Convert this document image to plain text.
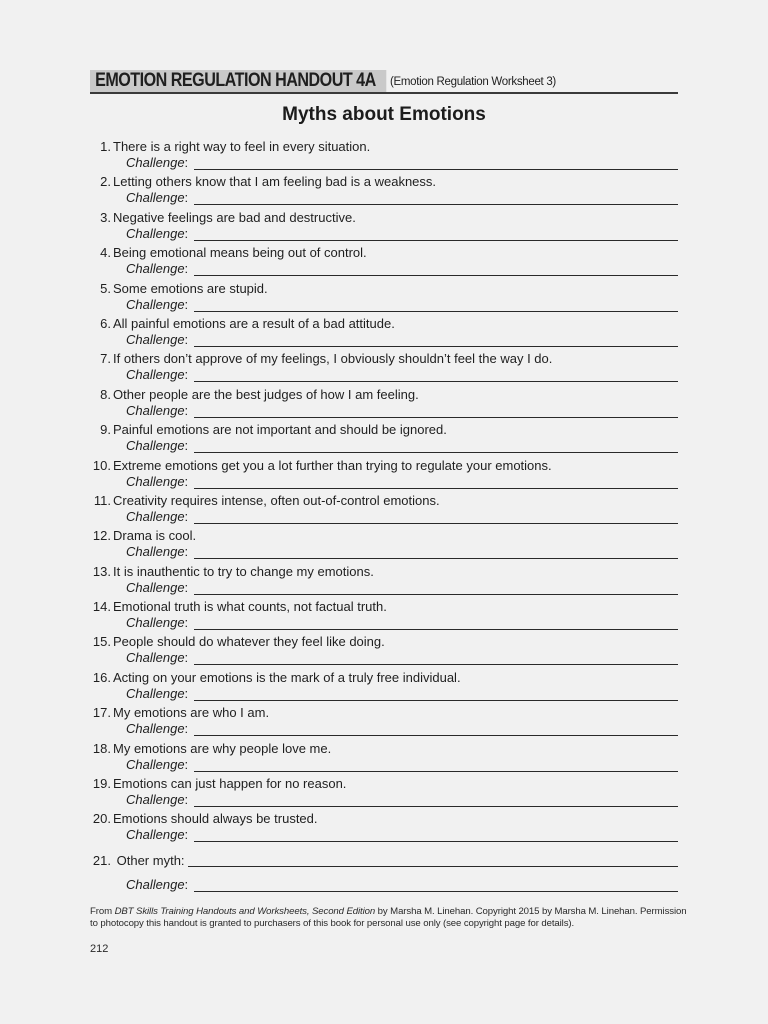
EMOTION REGULATION HANDOUT 4A	(Emotion Regulation Worksheet 3)
Myths about Emotions
1. There is a right way to feel in every situation.
Challenge:
2. Letting others know that I am feeling bad is a weakness.
Challenge:
3. Negative feelings are bad and destructive.
Challenge:
4. Being emotional means being out of control.
Challenge:
5. Some emotions are stupid.
Challenge:
6. All painful emotions are a result of a bad attitude.
Challenge:
7. If others don’t approve of my feelings, I obviously shouldn’t feel the way I do.
Challenge:
8. Other people are the best judges of how I am feeling.
Challenge:
9. Painful emotions are not important and should be ignored.
Challenge:
10. Extreme emotions get you a lot further than trying to regulate your emotions.
Challenge:
11. Creativity requires intense, often out-of-control emotions.
Challenge:
12. Drama is cool.
Challenge:
13. It is inauthentic to try to change my emotions.
Challenge:
14. Emotional truth is what counts, not factual truth.
Challenge:
15. People should do whatever they feel like doing.
Challenge:
16. Acting on your emotions is the mark of a truly free individual.
Challenge:
17. My emotions are who I am.
Challenge:
18. My emotions are why people love me.
Challenge:
19. Emotions can just happen for no reason.
Challenge:
20. Emotions should always be trusted.
Challenge:
21. Other myth:
Challenge:
From DBT Skills Training Handouts and Worksheets, Second Edition by Marsha M. Linehan. Copyright 2015 by Marsha M. Linehan. Permission to photocopy this handout is granted to purchasers of this book for personal use only (see copyright page for details).
212
